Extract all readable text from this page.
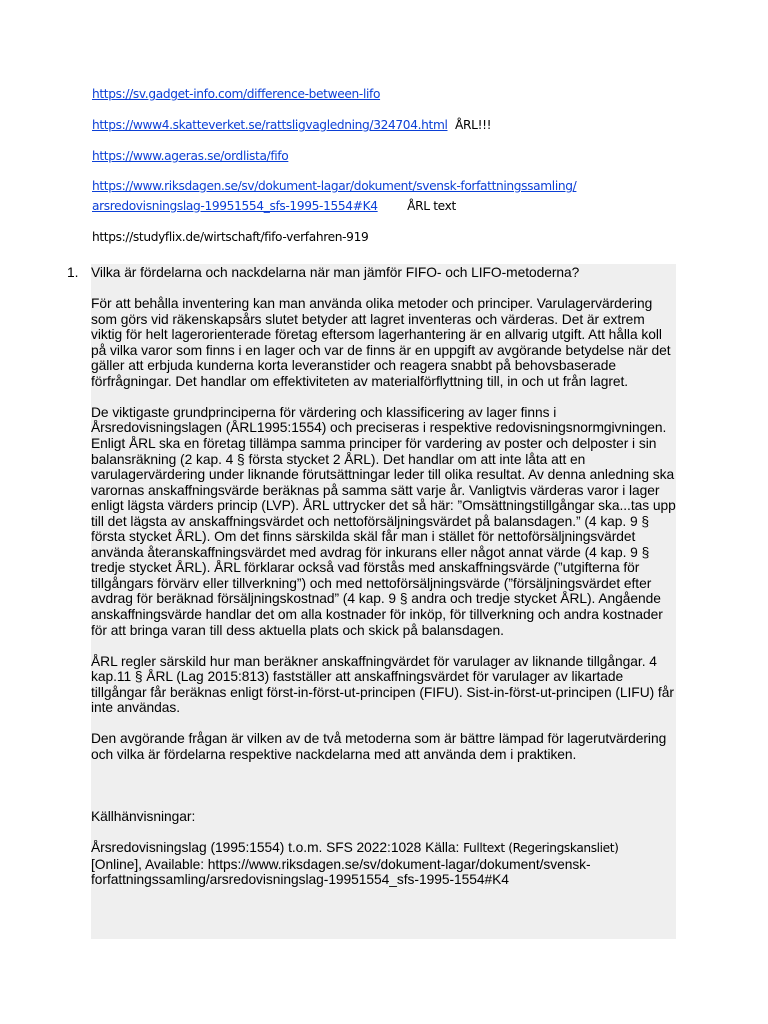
https://sv.gadget-info.com/difference-between-lifo
https://www4.skatteverket.se/rattsligvagledning/324704.html ÅRL!!!
https://www.ageras.se/ordlista/fifo
https://www.riksdagen.se/sv/dokument-lagar/dokument/svensk-forfattningssamling/
arsredovisningslag-19951554_sfs-1995-1554#K4 ÅRL text
https://studyflix.de/wirtschaft/fifo-verfahren-919
1. Vilka är fördelarna och nackdelarna när man jämför FIFO- och LIFO-metoderna?

För att behålla inventering kan man använda olika metoder och principer. Varulagervärdering som görs vid räkenskapsårs slutet betyder att lagret inventeras och värderas. Det är extrem viktig för helt lagerorienterade företag eftersom lagerhantering är en allvarig utgift. Att hålla koll på vilka varor som finns i en lager och var de finns är en uppgift av avgörande betydelse när det gäller att erbjuda kunderna korta leveranstider och reagera snabbt på behovsbaserade förfrågningar. Det handlar om effektiviteten av materialförflyttning till, in och ut från lagret.

De viktigaste grundprinciperna för värdering och klassificering av lager finns i Årsredovisningslagen (ÅRL1995:1554) och preciseras i respektive redovisningsnormgivningen. Enligt ÅRL ska en företag tillämpa samma principer för vardering av poster och delposter i sin balansräkning (2 kap. 4 § första stycket 2 ÅRL). Det handlar om att inte låta att en varulagervärdering under liknande förutsättningar leder till olika resultat. Av denna anledning ska varornas anskaffningsvärde beräknas på samma sätt varje år. Vanligtvis värderas varor i lager enligt lägsta värders princip (LVP). ÅRL uttrycker det så här: ”Omsättningstillgångar ska...tas upp till det lägsta av anskaffningsvärdet och nettoförsäljningsvärdet på balansdagen.” (4 kap. 9 § första stycket ÅRL). Om det finns särskilda skäl får man i stället för nettoförsäljningsvärdet använda återanskaffningsvärdet med avdrag för inkurans eller något annat värde (4 kap. 9 § tredje stycket ÅRL). ÅRL förklarar också vad förstås med anskaffningsvärde (”utgifterna för tillgångars förvärv eller tillverkning”) och med nettoförsäljningsvärde (”försäljningsvärdet efter avdrag för beräknad försäljningskostnad” (4 kap. 9 § andra och tredje stycket ÅRL). Angående anskaffningsvärde handlar det om alla kostnader för inköp, för tillverkning och andra kostnader för att bringa varan till dess aktuella plats och skick på balansdagen.

ÅRL regler särskild hur man beräkner anskaffningvärdet för varulager av liknande tillgångar. 4 kap.11 § ÅRL (Lag 2015:813) fastställer att anskaffningsvärdet för varulager av likartade tillgångar får beräknas enligt först-in-först-ut-principen (FIFU). Sist-in-först-ut-principen (LIFU) får inte användas.

Den avgörande frågan är vilken av de två metoderna som är bättre lämpad för lagerutvärdering och vilka är fördelarna respektive nackdelarna med att använda dem i praktiken.

Källhänvisningar:

Årsredovisningslag (1995:1554) t.o.m. SFS 2022:1028 Källa: Fulltext (Regeringskansliet)
[Online], Available: https://www.riksdagen.se/sv/dokument-lagar/dokument/svensk-forfattningssamling/arsredovisningslag-19951554_sfs-1995-1554#K4
